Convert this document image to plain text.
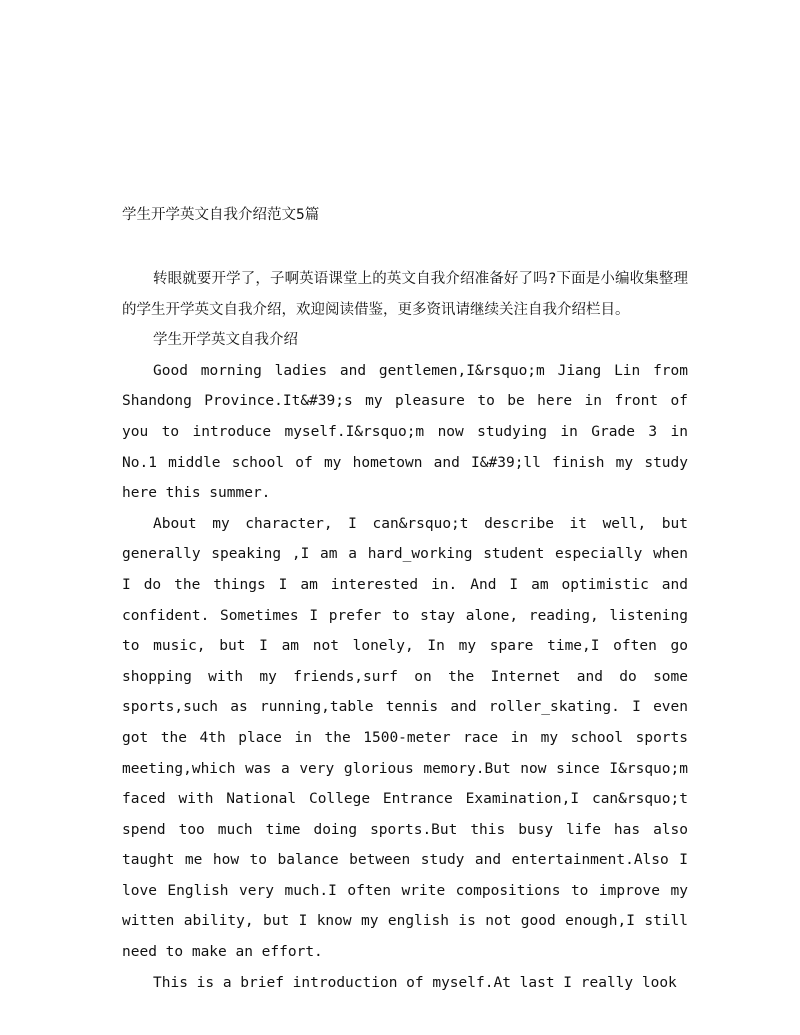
学生开学英文自我介绍范文5篇

转眼就要开学了，子啊英语课堂上的英文自我介绍准备好了吗?下面是小编收集整理的学生开学英文自我介绍，欢迎阅读借鉴，更多资讯请继续关注自我介绍栏目。

学生开学英文自我介绍

Good morning ladies and gentlemen,I&rsquo;m Jiang Lin from Shandong Province.It&#39;s my pleasure to be here in front of you to introduce myself.I&rsquo;m now studying in Grade 3 in No.1 middle school of my hometown and I&#39;ll finish my study here this summer.

About my character, I can&rsquo;t describe it well, but generally speaking ,I am a hard_working student especially when I do the things I am interested in. And I am optimistic and confident. Sometimes I prefer to stay alone, reading, listening to music, but I am not lonely, In my spare time,I often go shopping with my friends,surf on the Internet and do some sports,such as running,table tennis and roller_skating. I even got the 4th place in the 1500-meter race in my school sports meeting,which was a very glorious memory.But now since I&rsquo;m faced with National College Entrance Examination,I can&rsquo;t spend too much time doing sports.But this busy life has also taught me how to balance between study and entertainment.Also I love English very much.I often write compositions to improve my witten ability, but I know my english is not good enough,I still need to make an effort.

This is a brief introduction of myself.At last I really look
